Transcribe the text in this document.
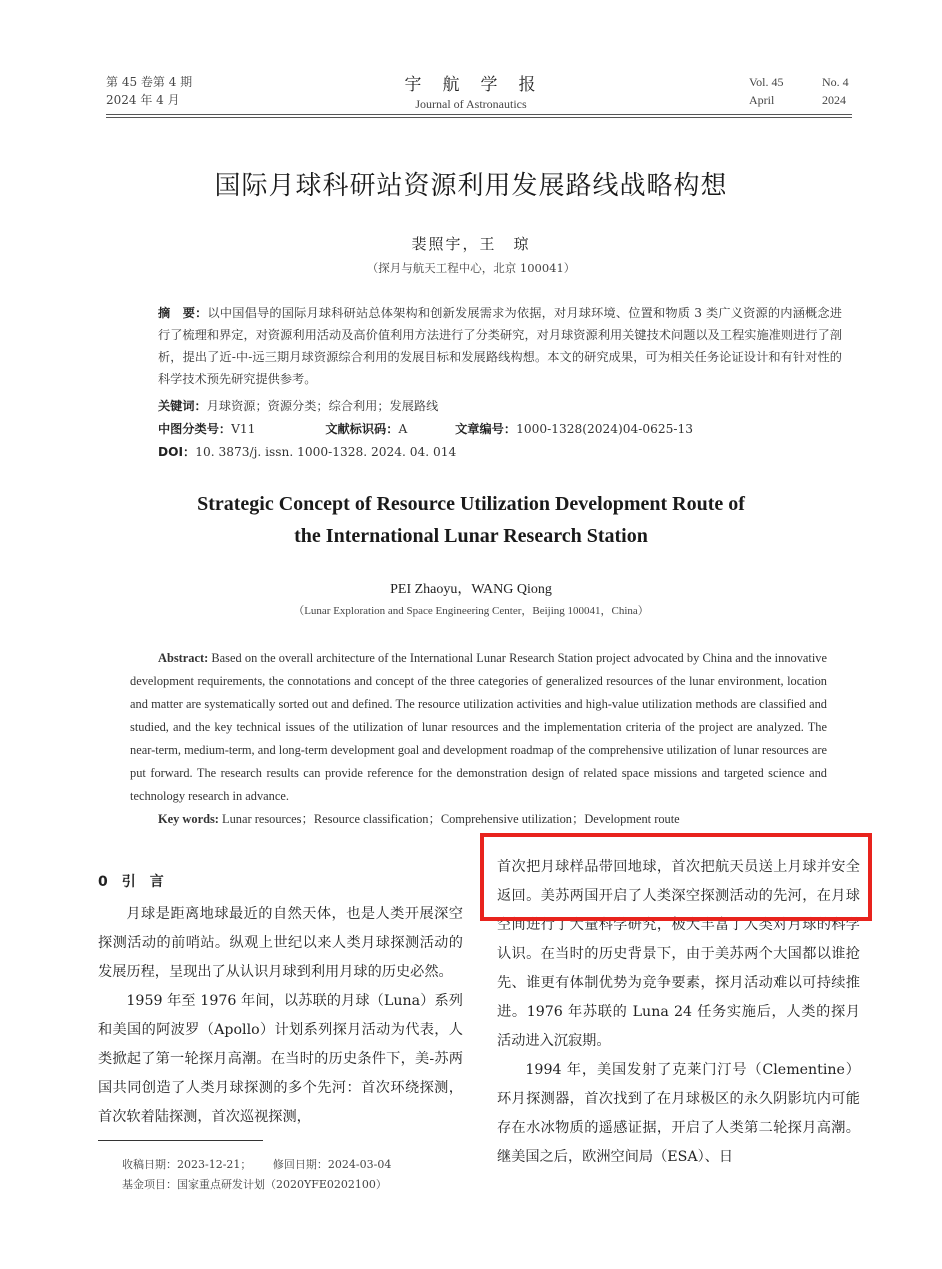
第 45 卷第 4 期
2024 年 4 月
宇　航　学　报
Journal of Astronautics
Vol. 45
April
No. 4
2024
国际月球科研站资源利用发展路线战略构想
裴照宇，王　琼
（探月与航天工程中心，北京 100041）
摘　要：以中国倡导的国际月球科研站总体架构和创新发展需求为依据，对月球环境、位置和物质 3 类广义资源的内涵概念进行了梳理和界定，对资源利用活动及高价值利用方法进行了分类研究，对月球资源利用关键技术问题以及工程实施准则进行了剖析，提出了近-中-远三期月球资源综合利用的发展目标和发展路线构想。本文的研究成果，可为相关任务论证设计和有针对性的科学技术预先研究提供参考。
关键词：月球资源；资源分类；综合利用；发展路线
中图分类号：V11	文献标识码：A	文章编号：1000-1328(2024)04-0625-13
DOI：10. 3873/j. issn. 1000-1328. 2024. 04. 014
Strategic Concept of Resource Utilization Development Route of
the International Lunar Research Station
PEI Zhaoyu，WANG Qiong
（Lunar Exploration and Space Engineering Center，Beijing 100041，China）
Abstract: Based on the overall architecture of the International Lunar Research Station project advocated by China and the innovative development requirements, the connotations and concept of the three categories of generalized resources of the lunar environment, location and matter are systematically sorted out and defined. The resource utilization activities and high-value utilization methods are classified and studied, and the key technical issues of the utilization of lunar resources and the implementation criteria of the project are analyzed. The near-term, medium-term, and long-term development goal and development roadmap of the comprehensive utilization of lunar resources are put forward. The research results can provide reference for the demonstration design of related space missions and targeted science and technology research in advance.
Key words: Lunar resources；Resource classification；Comprehensive utilization；Development route

0　引　言

月球是距离地球最近的自然天体，也是人类开展深空探测活动的前哨站。纵观上世纪以来人类月球探测活动的发展历程，呈现出了从认识月球到利用月球的历史必然。

1959 年至 1976 年间，以苏联的月球（Luna）系列和美国的阿波罗（Apollo）计划系列探月活动为代表，人类掀起了第一轮探月高潮。在当时的历史条件下，美-苏两国共同创造了人类月球探测的多个先河：首次环绕探测，首次软着陆探测，首次巡视探测，

首次把月球样品带回地球，首次把航天员送上月球并安全返回。美苏两国开启了人类深空探测活动的先河，在月球空间进行了大量科学研究，极大丰富了人类对月球的科学认识。在当时的历史背景下，由于美苏两个大国都以谁抢先、谁更有体制优势为竞争要素，探月活动难以可持续推进。1976 年苏联的 Luna 24 任务实施后，人类的探月活动进入沉寂期。

1994 年，美国发射了克莱门汀号（Clementine）环月探测器，首次找到了在月球极区的永久阴影坑内可能存在水冰物质的遥感证据，开启了人类第二轮探月高潮。继美国之后，欧洲空间局（ESA）、日

收稿日期：2023-12-21； 修回日期：2024-03-04
基金项目：国家重点研发计划（2020YFE0202100）
